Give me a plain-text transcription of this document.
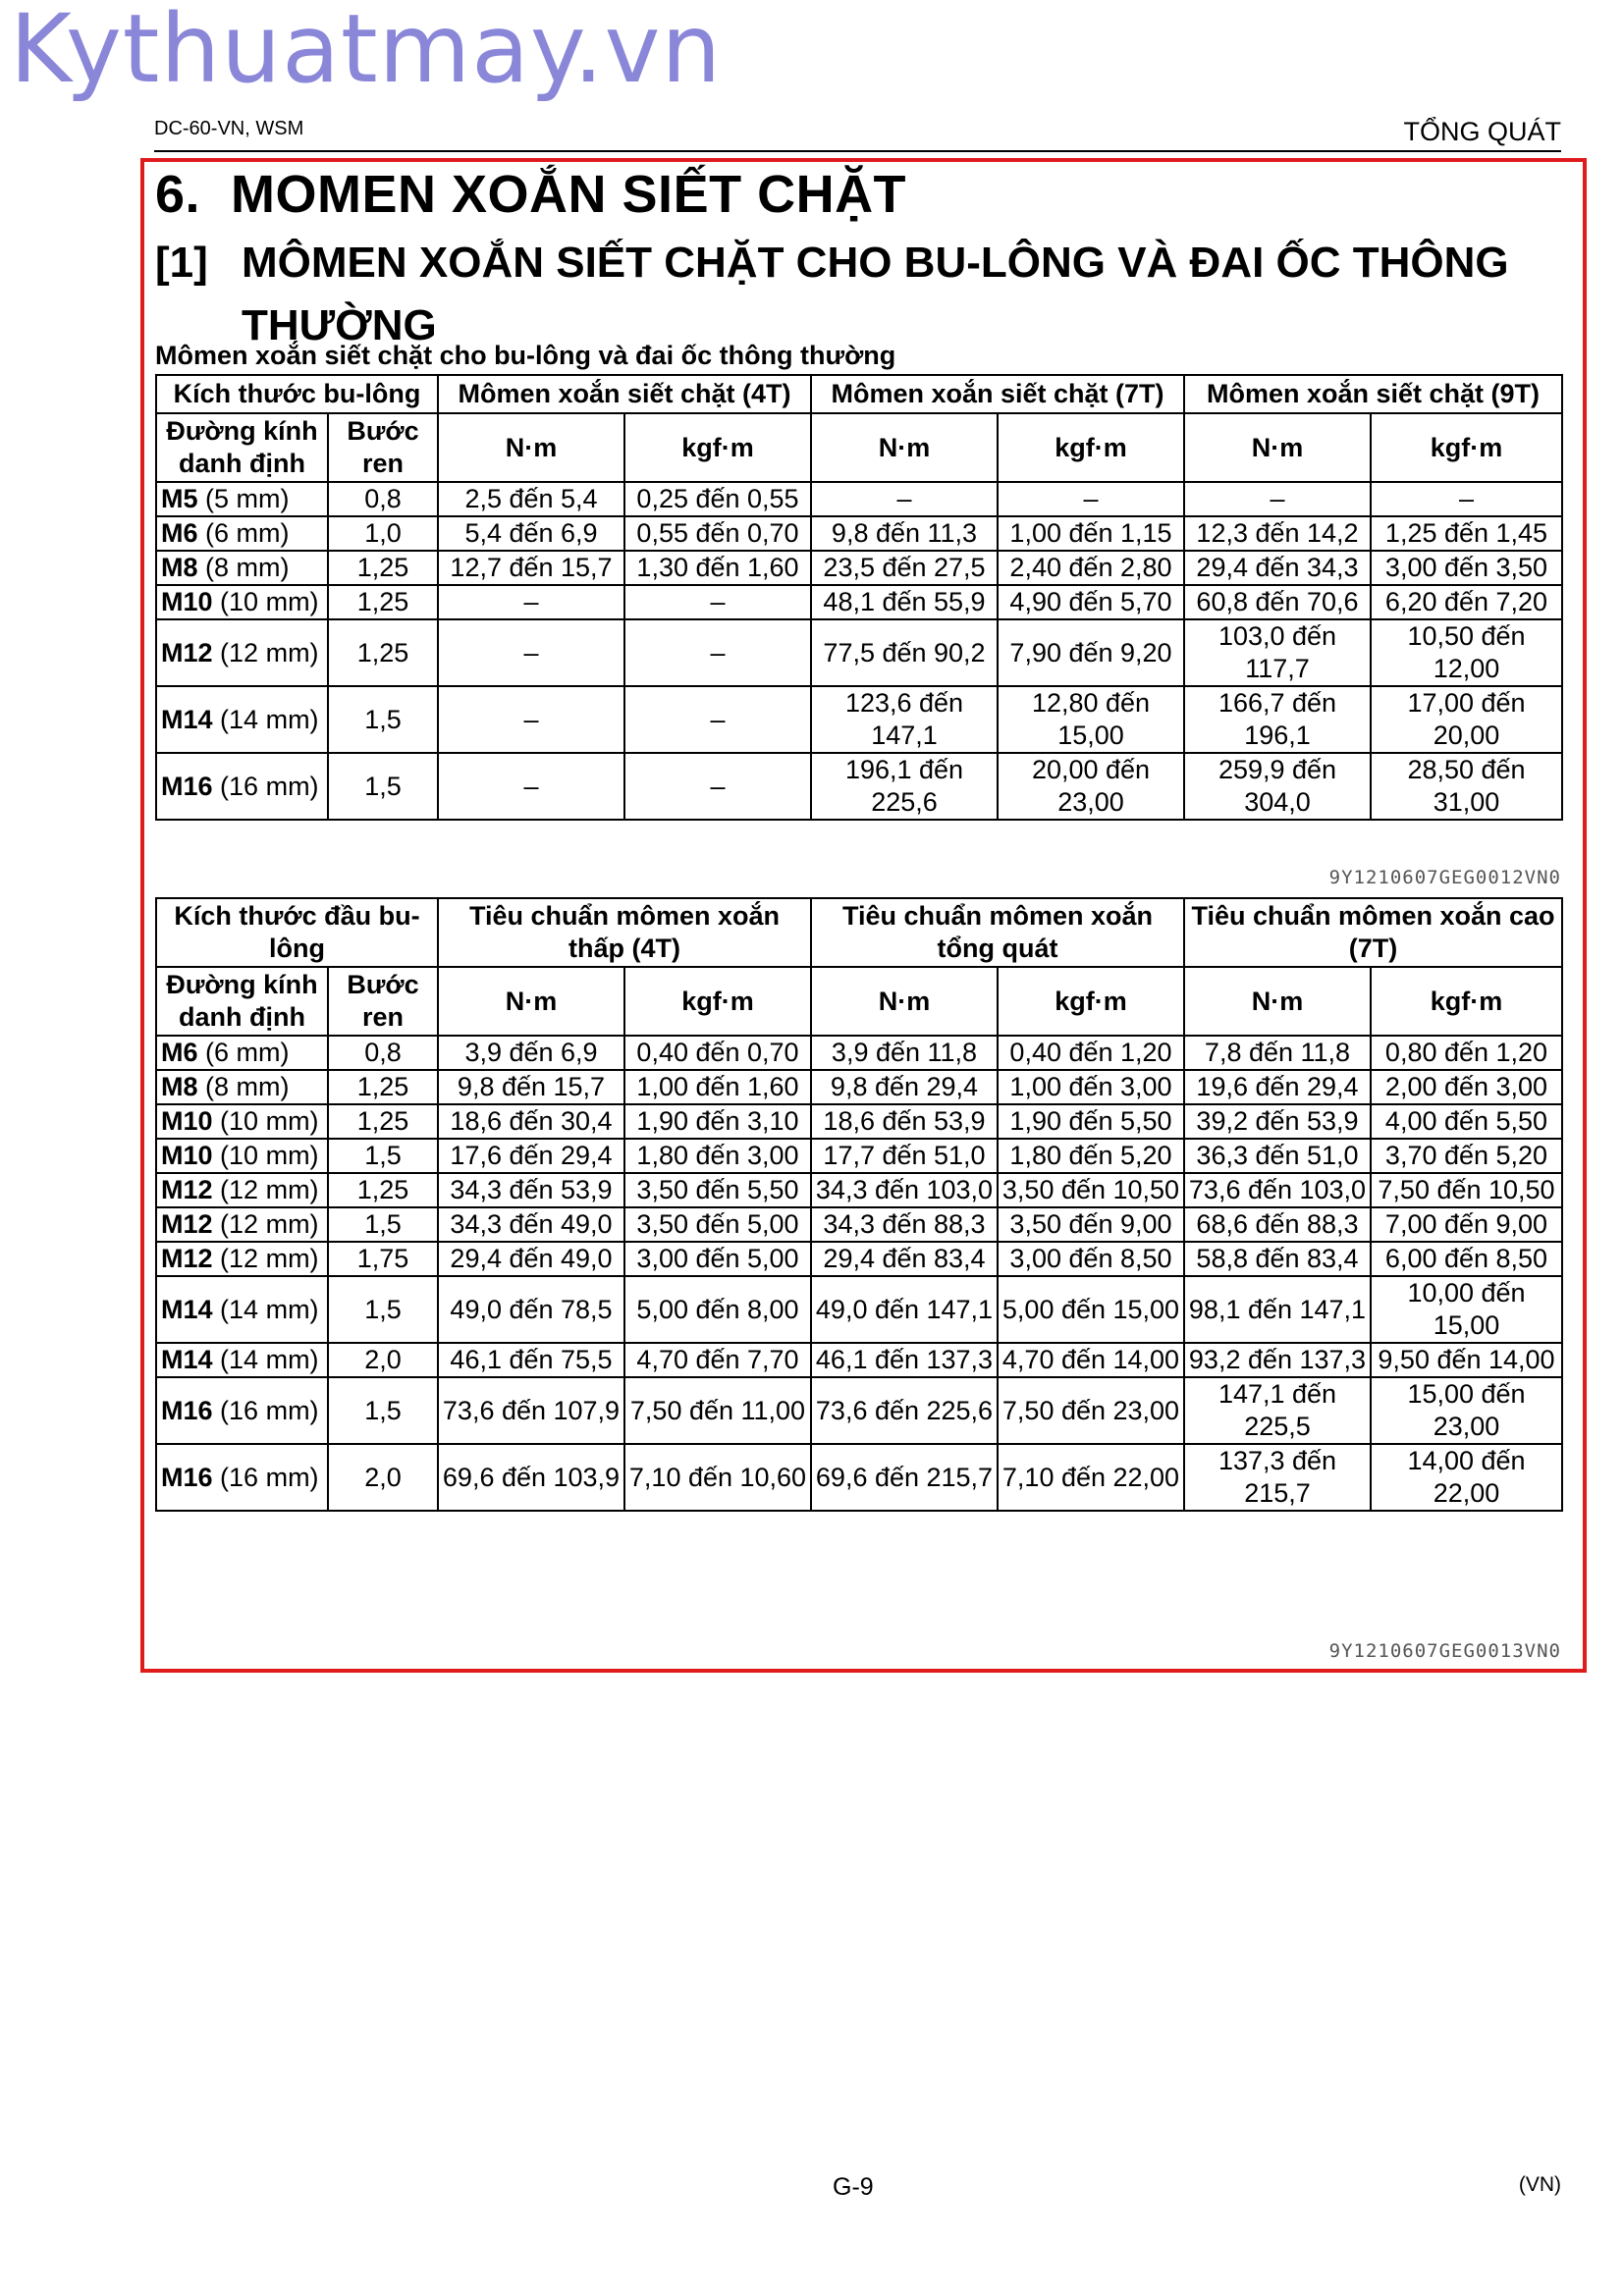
Kythuatmay.vn
DC-60-VN, WSM	TỔNG QUÁT
6.  MOMEN XOẮN SIẾT CHẶT
[1] MÔMEN XOẮN SIẾT CHẶT CHO BU-LÔNG VÀ ĐAI ỐC THÔNG THƯỜNG
Mômen xoắn siết chặt cho bu-lông và đai ốc thông thường
Kích thước bu-lông		Mômen xoắn siết chặt (4T)		Mômen xoắn siết chặt (7T)		Mômen xoắn siết chặt (9T)	
Đường kính danh định	Bước ren	N·m	kgf·m	N·m	kgf·m	N·m	kgf·m
M5 (5 mm)	0,8	2,5 đến 5,4	0,25 đến 0,55	–	–	–	–
M6 (6 mm)	1,0	5,4 đến 6,9	0,55 đến 0,70	9,8 đến 11,3	1,00 đến 1,15	12,3 đến 14,2	1,25 đến 1,45
M8 (8 mm)	1,25	12,7 đến 15,7	1,30 đến 1,60	23,5 đến 27,5	2,40 đến 2,80	29,4 đến 34,3	3,00 đến 3,50
M10 (10 mm)	1,25	–	–	48,1 đến 55,9	4,90 đến 5,70	60,8 đến 70,6	6,20 đến 7,20
M12 (12 mm)	1,25	–	–	77,5 đến 90,2	7,90 đến 9,20	103,0 đến 117,7	10,50 đến 12,00
M14 (14 mm)	1,5	–	–	123,6 đến 147,1	12,80 đến 15,00	166,7 đến 196,1	17,00 đến 20,00
M16 (16 mm)	1,5	–	–	196,1 đến 225,6	20,00 đến 23,00	259,9 đến 304,0	28,50 đến 31,00
9Y1210607GEG0012VN0
Kích thước đầu bu-lông		Tiêu chuẩn mômen xoắn thấp (4T)		Tiêu chuẩn mômen xoắn tổng quát		Tiêu chuẩn mômen xoắn cao (7T)	
Đường kính danh định	Bước ren	N·m	kgf·m	N·m	kgf·m	N·m	kgf·m
M6 (6 mm)	0,8	3,9 đến 6,9	0,40 đến 0,70	3,9 đến 11,8	0,40 đến 1,20	7,8 đến 11,8	0,80 đến 1,20
M8 (8 mm)	1,25	9,8 đến 15,7	1,00 đến 1,60	9,8 đến 29,4	1,00 đến 3,00	19,6 đến 29,4	2,00 đến 3,00
M10 (10 mm)	1,25	18,6 đến 30,4	1,90 đến 3,10	18,6 đến 53,9	1,90 đến 5,50	39,2 đến 53,9	4,00 đến 5,50
M10 (10 mm)	1,5	17,6 đến 29,4	1,80 đến 3,00	17,7 đến 51,0	1,80 đến 5,20	36,3 đến 51,0	3,70 đến 5,20
M12 (12 mm)	1,25	34,3 đến 53,9	3,50 đến 5,50	34,3 đến 103,0	3,50 đến 10,50	73,6 đến 103,0	7,50 đến 10,50
M12 (12 mm)	1,5	34,3 đến 49,0	3,50 đến 5,00	34,3 đến 88,3	3,50 đến 9,00	68,6 đến 88,3	7,00 đến 9,00
M12 (12 mm)	1,75	29,4 đến 49,0	3,00 đến 5,00	29,4 đến 83,4	3,00 đến 8,50	58,8 đến 83,4	6,00 đến 8,50
M14 (14 mm)	1,5	49,0 đến 78,5	5,00 đến 8,00	49,0 đến 147,1	5,00 đến 15,00	98,1 đến 147,1	10,00 đến 15,00
M14 (14 mm)	2,0	46,1 đến 75,5	4,70 đến 7,70	46,1 đến 137,3	4,70 đến 14,00	93,2 đến 137,3	9,50 đến 14,00
M16 (16 mm)	1,5	73,6 đến 107,9	7,50 đến 11,00	73,6 đến 225,6	7,50 đến 23,00	147,1 đến 225,5	15,00 đến 23,00
M16 (16 mm)	2,0	69,6 đến 103,9	7,10 đến 10,60	69,6 đến 215,7	7,10 đến 22,00	137,3 đến 215,7	14,00 đến 22,00
9Y1210607GEG0013VN0
G-9	(VN)
